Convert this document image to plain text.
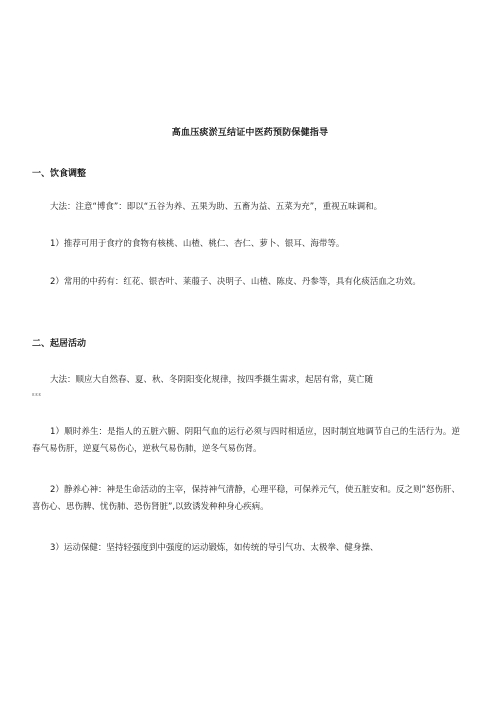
高血压痰淤互结证中医药预防保健指导
一、饮食调整
大法：注意“博食”：即以“五谷为养、五果为助、五畜为益、五菜为充”，重视五味调和。
1）推荐可用于食疗的食物有核桃、山楂、桃仁、杏仁、萝卜、银耳、海带等。
2）常用的中药有：红花、银杏叶、莱菔子、决明子、山楂、陈皮、丹参等，具有化痰活血之功效。
二、起居活动
大法：顺应大自然春、夏、秋、冬阴阳变化规律，按四季摄生需求，起居有常，莫亡随
ɛɛɛ
1）顺时养生：是指人的五脏六腑、阴阳气血的运行必须与四时相适应，因时制宜地调节自己的生活行为。逆春气易伤肝，逆夏气易伤心，逆秋气易伤肺，逆冬气易伤肾。
2）静养心神：神是生命活动的主宰，保持神气清静，心理平稳，可保养元气，使五脏安和。反之则“怒伤肝、喜伤心、思伤脾、忧伤肺、恐伤肾脏”,以致诱发种种身心疾病。
3）运动保健：坚持轻强度到中强度的运动锻炼，如传统的导引气功、太极拳、健身操、
